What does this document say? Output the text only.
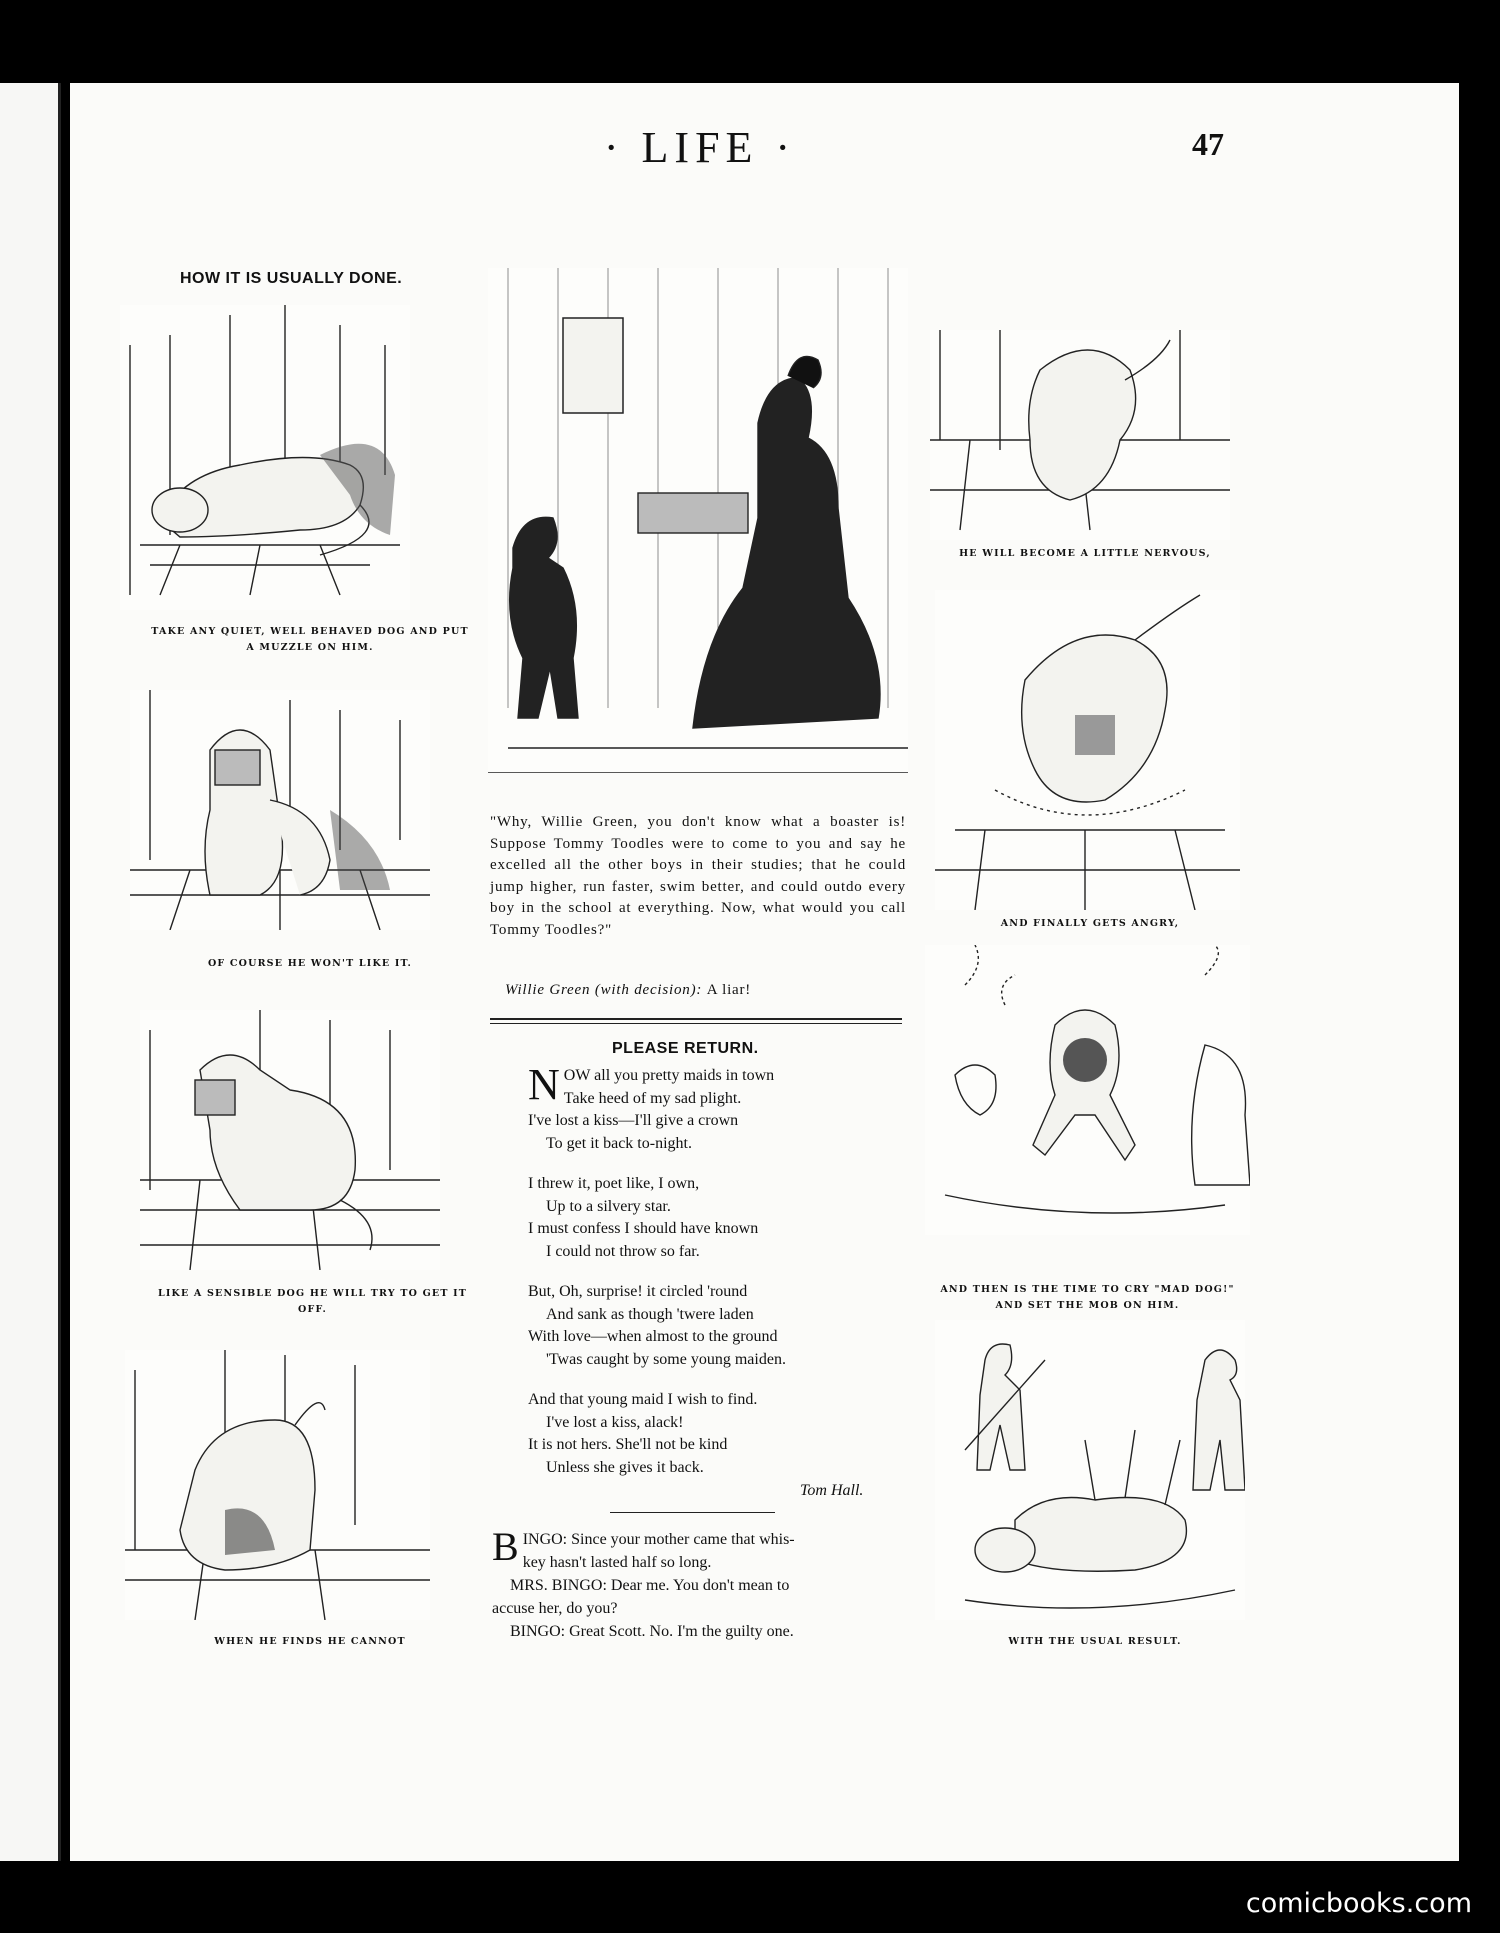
· LIFE ·	47
HOW IT IS USUALLY DONE.
TAKE ANY QUIET, WELL BEHAVED DOG AND PUT A MUZZLE ON HIM.
OF COURSE HE WON'T LIKE IT.
LIKE A SENSIBLE DOG HE WILL TRY TO GET IT OFF.
WHEN HE FINDS HE CANNOT
"Why, Willie Green, you don't know what a boaster is! Suppose Tommy Toodles were to come to you and say he excelled all the other boys in their studies; that he could jump higher, run faster, swim better, and could outdo every boy in the school at everything. Now, what would you call Tommy Toodles?"
Willie Green (with decision): A liar!
PLEASE RETURN.
N OW all you pretty maids in town
Take heed of my sad plight.
I've lost a kiss—I'll give a crown
To get it back to-night.
I threw it, poet like, I own,
Up to a silvery star.
I must confess I should have known
I could not throw so far.
But, Oh, surprise! it circled 'round
And sank as though 'twere laden
With love—when almost to the ground
'Twas caught by some young maiden.
And that young maid I wish to find.
I've lost a kiss, alack!
It is not hers. She'll not be kind
Unless she gives it back.
Tom Hall.
B INGO: Since your mother came that whis-
key hasn't lasted half so long.
MRS. BINGO: Dear me. You don't mean to
accuse her, do you?
BINGO: Great Scott. No. I'm the guilty one.
HE WILL BECOME A LITTLE NERVOUS,
AND FINALLY GETS ANGRY,
AND THEN IS THE TIME TO CRY "MAD DOG!" AND SET THE MOB ON HIM.
WITH THE USUAL RESULT.
comicbooks.com
